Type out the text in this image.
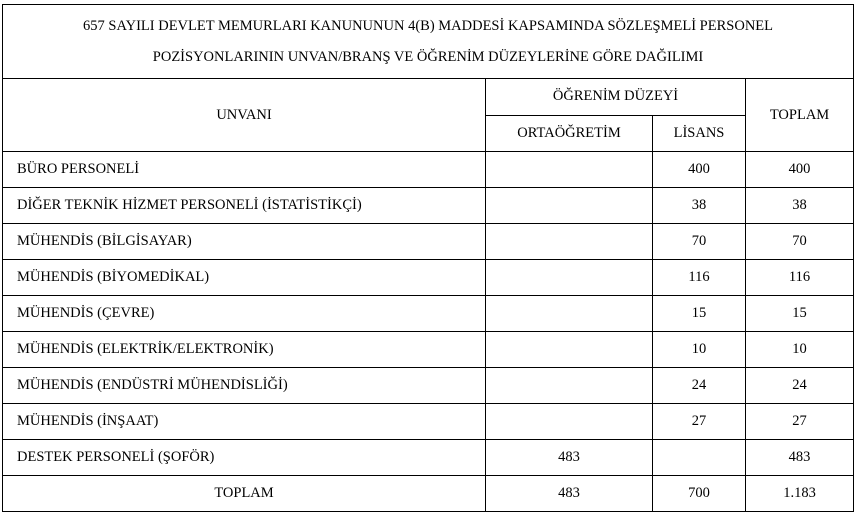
657 SAYILI DEVLET MEMURLARI KANUNUNUN 4(B) MADDESİ KAPSAMINDA SÖZLEŞMELİ PERSONEL
POZİSYONLARININ UNVAN/BRANŞ VE ÖĞRENİM DÜZEYLERİNE GÖRE DAĞILIMI			

UNVANI	ÖĞRENİM DÜZEYİ		TOPLAM
	ORTAÖĞRETİM	LİSANS	
BÜRO PERSONELİ		400	400
DİĞER TEKNİK HİZMET PERSONELİ (İSTATİSTİKÇİ)		38	38
MÜHENDİS (BİLGİSAYAR)		70	70
MÜHENDİS (BİYOMEDİKAL)		116	116
MÜHENDİS (ÇEVRE)		15	15
MÜHENDİS (ELEKTRİK/ELEKTRONİK)		10	10
MÜHENDİS (ENDÜSTRİ MÜHENDİSLİĞİ)		24	24
MÜHENDİS (İNŞAAT)		27	27
DESTEK PERSONELİ (ŞOFÖR)	483		483
TOPLAM	483	700	1.183
